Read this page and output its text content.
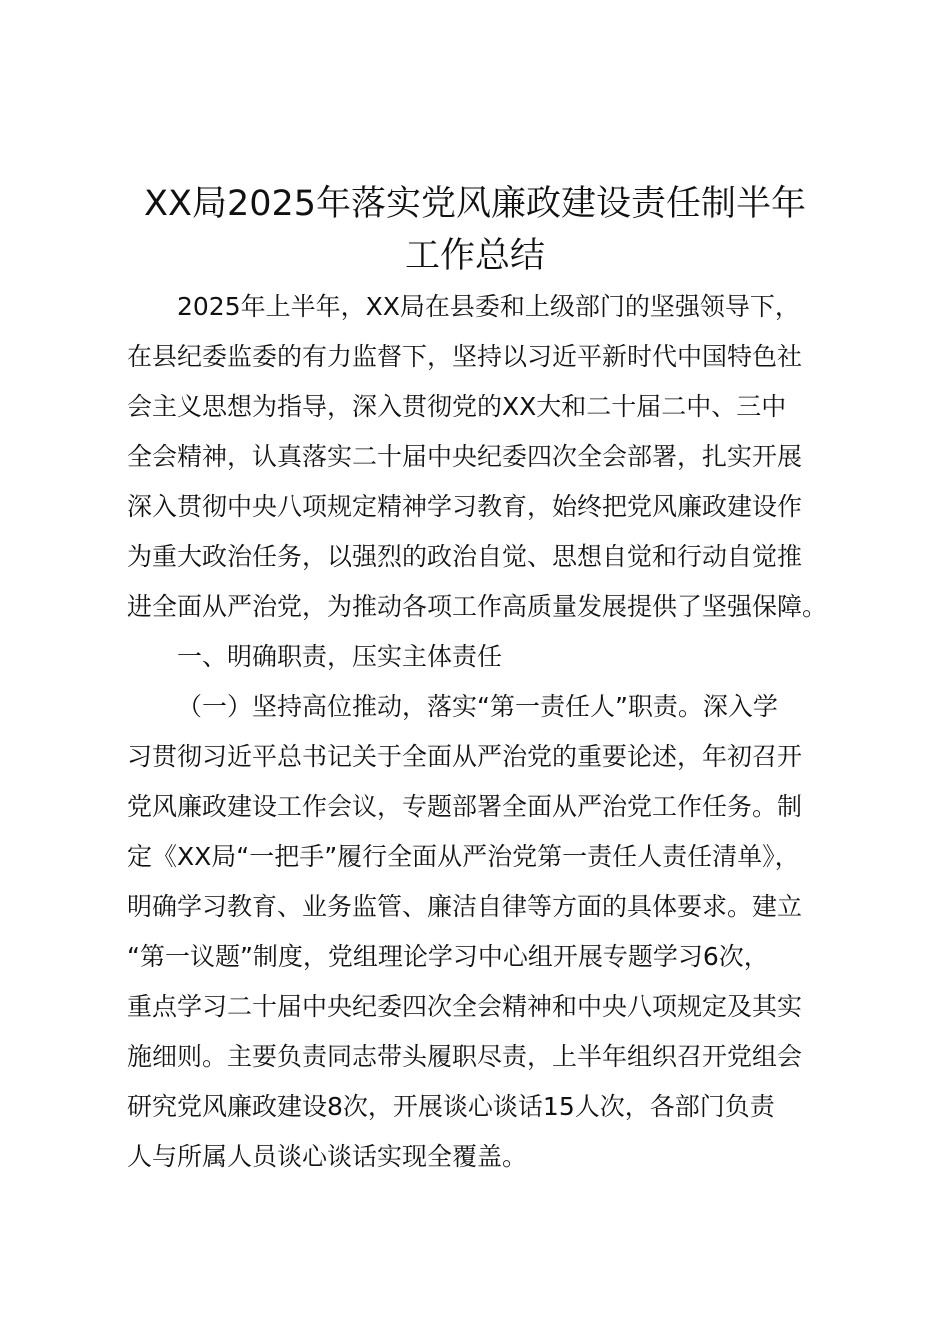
XX局2025年落实党风廉政建设责任制半年
工作总结
2025年上半年，XX局在县委和上级部门的坚强领导下，
在县纪委监委的有力监督下，坚持以习近平新时代中国特色社
会主义思想为指导，深入贯彻党的XX大和二十届二中、三中
全会精神，认真落实二十届中央纪委四次全会部署，扎实开展
深入贯彻中央八项规定精神学习教育，始终把党风廉政建设作
为重大政治任务，以强烈的政治自觉、思想自觉和行动自觉推
进全面从严治党，为推动各项工作高质量发展提供了坚强保障。
一、明确职责，压实主体责任
（一）坚持高位推动，落实“第一责任人”职责。深入学
习贯彻习近平总书记关于全面从严治党的重要论述，年初召开
党风廉政建设工作会议，专题部署全面从严治党工作任务。制
定《XX局“一把手”履行全面从严治党第一责任人责任清单》，
明确学习教育、业务监管、廉洁自律等方面的具体要求。建立
“第一议题”制度，党组理论学习中心组开展专题学习6次，
重点学习二十届中央纪委四次全会精神和中央八项规定及其实
施细则。主要负责同志带头履职尽责，上半年组织召开党组会
研究党风廉政建设8次，开展谈心谈话15人次，各部门负责
人与所属人员谈心谈话实现全覆盖。
